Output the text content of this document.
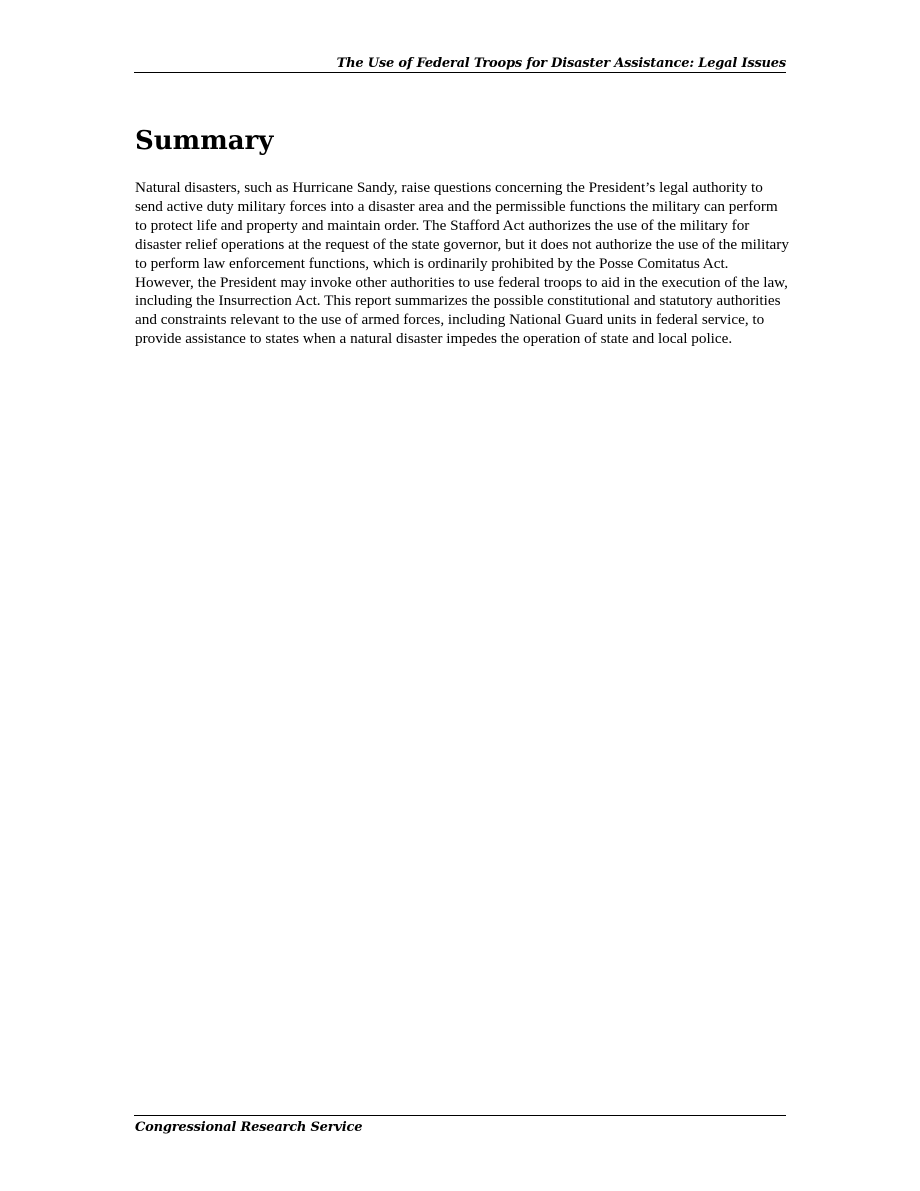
The Use of Federal Troops for Disaster Assistance: Legal Issues
Summary

Natural disasters, such as Hurricane Sandy, raise questions concerning the President’s legal authority to send active duty military forces into a disaster area and the permissible functions the military can perform to protect life and property and maintain order. The Stafford Act authorizes the use of the military for disaster relief operations at the request of the state governor, but it does not authorize the use of the military to perform law enforcement functions, which is ordinarily prohibited by the Posse Comitatus Act. However, the President may invoke other authorities to use federal troops to aid in the execution of the law, including the Insurrection Act. This report summarizes the possible constitutional and statutory authorities and constraints relevant to the use of armed forces, including National Guard units in federal service, to provide assistance to states when a natural disaster impedes the operation of state and local police.

Congressional Research Service
